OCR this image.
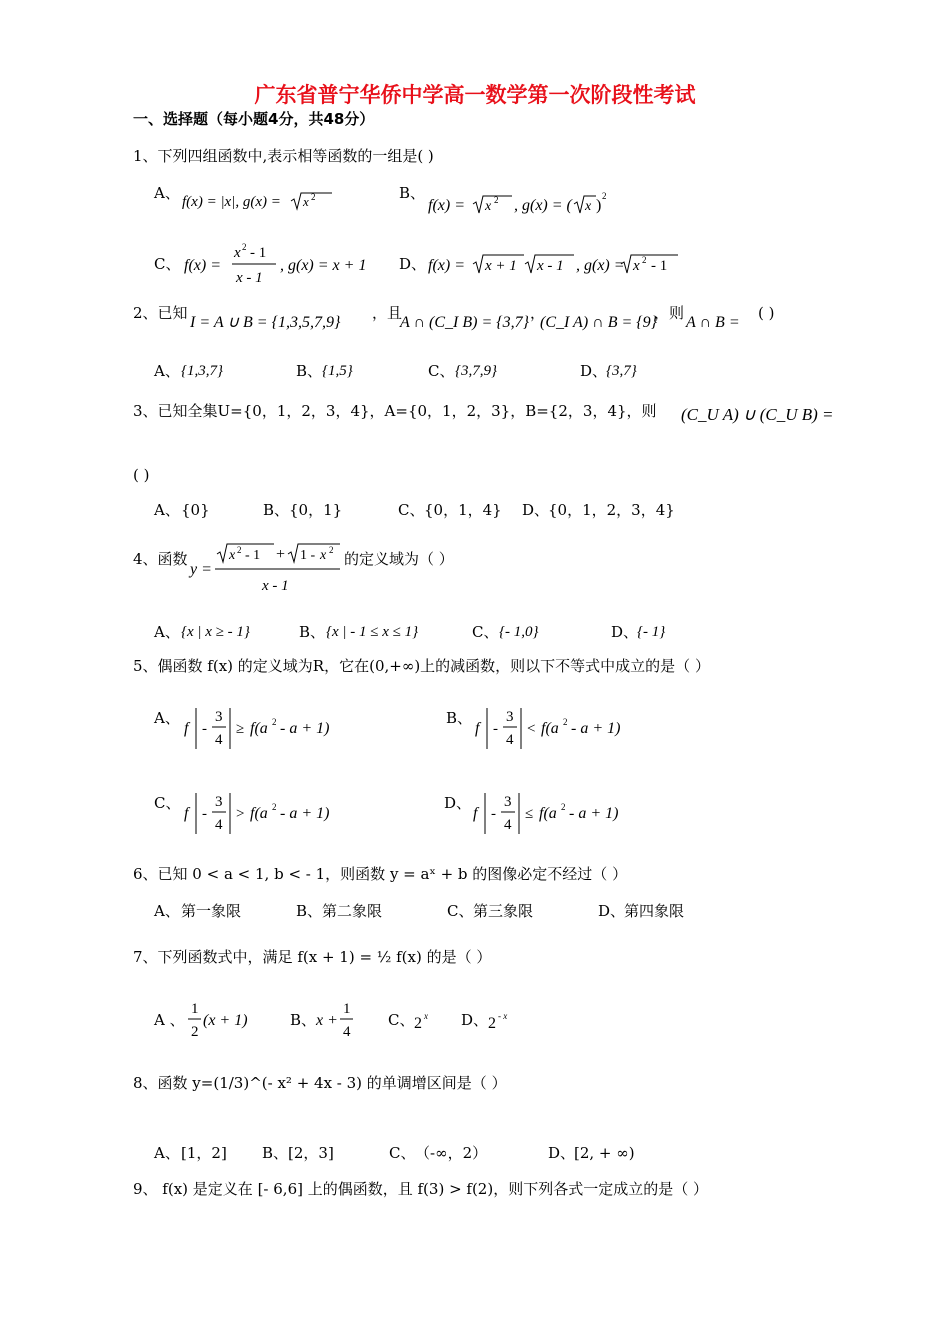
广东省普宁华侨中学高一数学第一次阶段性考试
一、选择题（每小题4分，共48分）
1、下列四组函数中,表示相等函数的一组是( )
A、 f(x) = |x|, g(x) = x 2	B、
f(x) = x 2 , g(x) = ( x )
2
C、 f(x) =
x 2 - 1
x - 1
, g(x) = x + 1 D、 f(x) = x + 1 x - 1 , g(x) = x 2 - 1
2、已知
I = A ∪ B = {1,3,5,7,9}
，且
A ∩ (C_I B) = {3,7}
，
(C_I A) ∩ B = {9}
，则
A ∩ B =
( )
A、 {1,3,7}	B、 {1,5}	C、 {3,7,9}	D、
{3,7}
3、已知全集U={0，1，2，3，4}，A={0，1，2，3}，B={2，3，4}，则 (C_U A) ∪ (C_U B) =
( )
A、 {0}	B、 {0，1}	C、 {0，1，4} D、
{0，1，2，3，4}
4、函数
y =
x 2 - 1 + 1 - x 2
x - 1
的定义域为（ ）
A、 {x | x ≥ - 1}	B、 {x | - 1 ≤ x ≤ 1}	C、 {- 1,0}	D、
{- 1}
5、偶函数 f(x) 的定义域为R，它在(0,+∞)上的减函数，则以下不等式中成立的是（ ）
A、
f -
3
4
≥ f(a 2 - a + 1)
B、
f -
3
4
< f(a 2 - a + 1)
C、
f -
3
4
> f(a 2 - a + 1)
D、
f -
3
4
≤ f(a 2 - a + 1)
6、已知 0 < a < 1, b < - 1，则函数 y = aˣ + b 的图像必定不经过（ ）
A、 第一象限	B、 第二象限	C、 第三象限	D、
第四象限
7、下列函数式中，满足 f(x + 1) = ½ f(x) 的是（ ）
A 、
1
2
(x + 1)	B、 x +
1
4
C、 2 x D、 2 - x
8、函数 y=(1/3)^(- x² + 4x - 3) 的单调增区间是（ ）
A、 [1，2] B、 [2，3]	C、 （-∞，2）	D、
[2, + ∞)
9、 f(x) 是定义在 [- 6,6] 上的偶函数，且 f(3) > f(2)，则下列各式一定成立的是（ ）
